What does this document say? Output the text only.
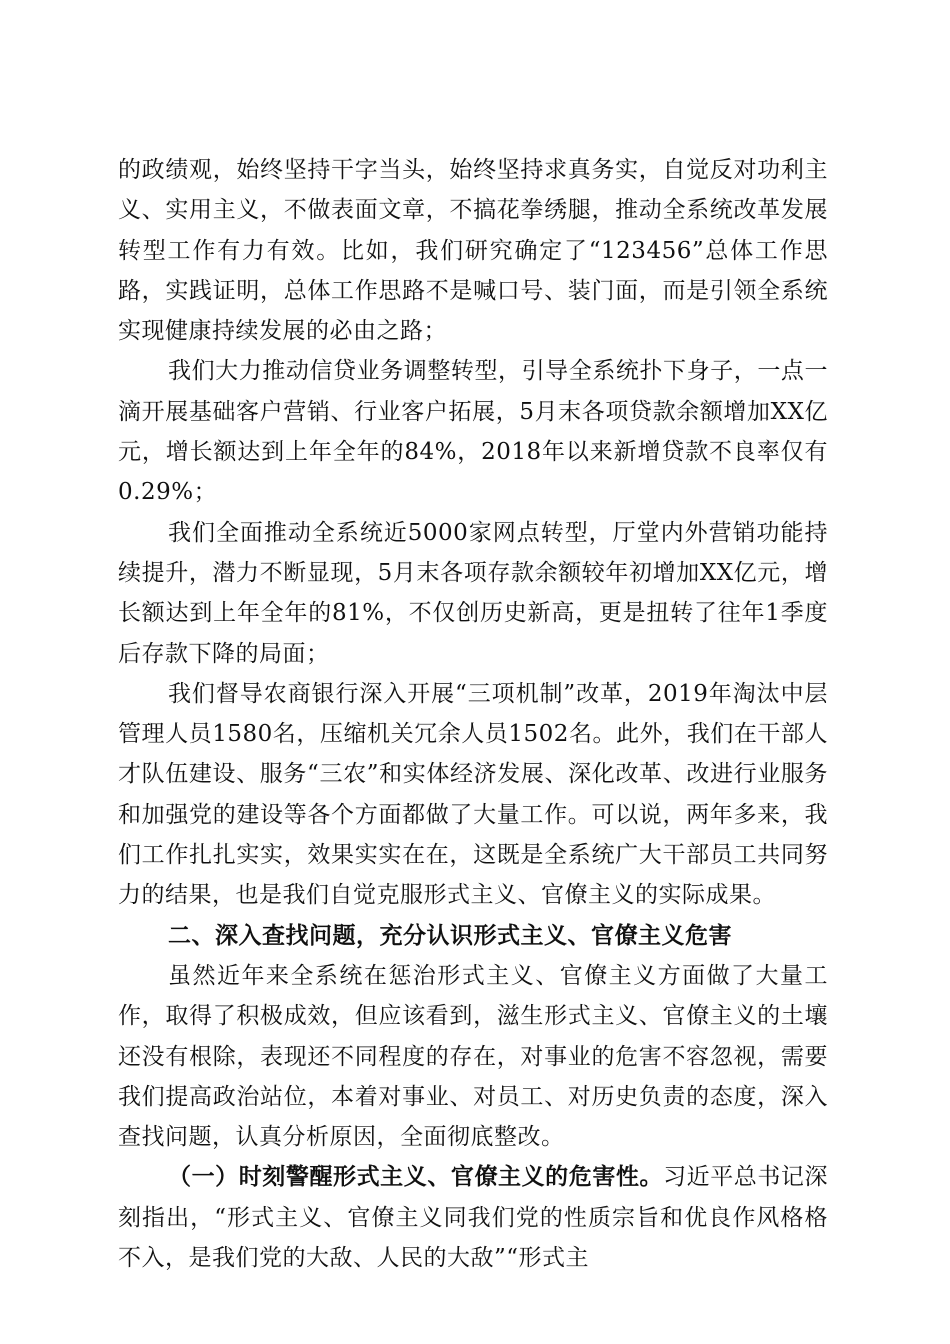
的政绩观，始终坚持干字当头，始终坚持求真务实，自觉反对功利主义、实用主义，不做表面文章，不搞花拳绣腿，推动全系统改革发展转型工作有力有效。比如，我们研究确定了“123456”总体工作思路，实践证明，总体工作思路不是喊口号、装门面，而是引领全系统实现健康持续发展的必由之路；

我们大力推动信贷业务调整转型，引导全系统扑下身子，一点一滴开展基础客户营销、行业客户拓展，5月末各项贷款余额增加XX亿元，增长额达到上年全年的84%，2018年以来新增贷款不良率仅有0.29%；

我们全面推动全系统近5000家网点转型，厅堂内外营销功能持续提升，潜力不断显现，5月末各项存款余额较年初增加XX亿元，增长额达到上年全年的81%，不仅创历史新高，更是扭转了往年1季度后存款下降的局面；

我们督导农商银行深入开展“三项机制”改革，2019年淘汰中层管理人员1580名，压缩机关冗余人员1502名。此外，我们在干部人才队伍建设、服务“三农”和实体经济发展、深化改革、改进行业服务和加强党的建设等各个方面都做了大量工作。可以说，两年多来，我们工作扎扎实实，效果实实在在，这既是全系统广大干部员工共同努力的结果，也是我们自觉克服形式主义、官僚主义的实际成果。

二、深入查找问题，充分认识形式主义、官僚主义危害

虽然近年来全系统在惩治形式主义、官僚主义方面做了大量工作，取得了积极成效，但应该看到，滋生形式主义、官僚主义的土壤还没有根除，表现还不同程度的存在，对事业的危害不容忽视，需要我们提高政治站位，本着对事业、对员工、对历史负责的态度，深入查找问题，认真分析原因，全面彻底整改。

（一）时刻警醒形式主义、官僚主义的危害性。习近平总书记深刻指出，“形式主义、官僚主义同我们党的性质宗旨和优良作风格格不入，是我们党的大敌、人民的大敌”“形式主
